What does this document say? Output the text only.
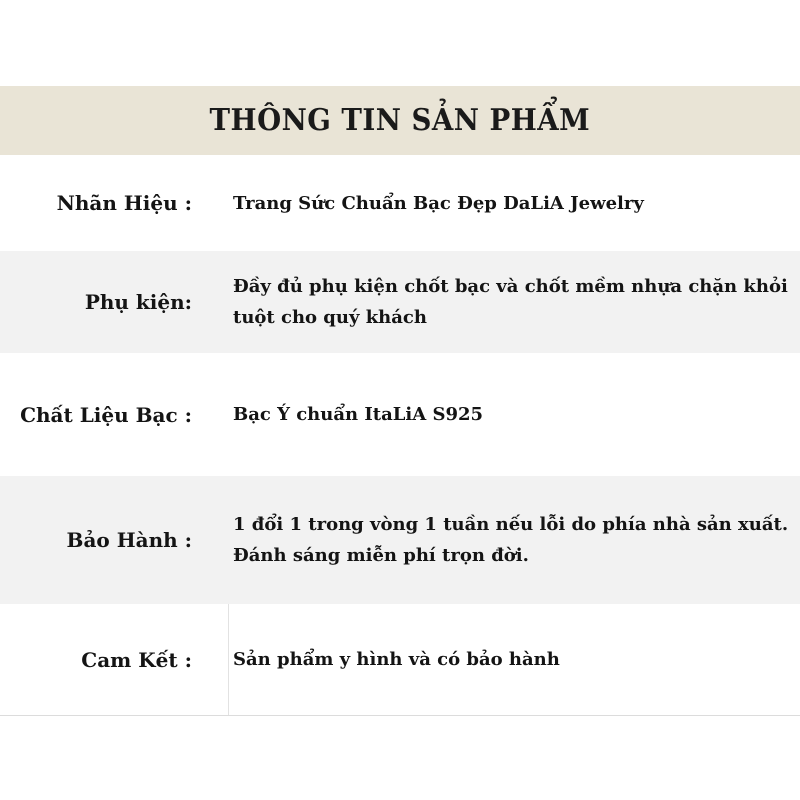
THÔNG TIN SẢN PHẨM
Nhãn Hiệu : Trang Sức Chuẩn Bạc Đẹp DaLiA Jewelry
Phụ kiện:
Đầy đủ phụ kiện chốt bạc và chốt mềm nhựa chặn khỏi tuột cho quý khách
Chất Liệu Bạc : Bạc Ý chuẩn ItaLiA S925
Bảo Hành :
1 đổi 1 trong vòng 1 tuần nếu lỗi do phía nhà sản xuất. Đánh sáng miễn phí trọn đời.
Cam Kết : Sản phẩm y hình và có bảo hành
